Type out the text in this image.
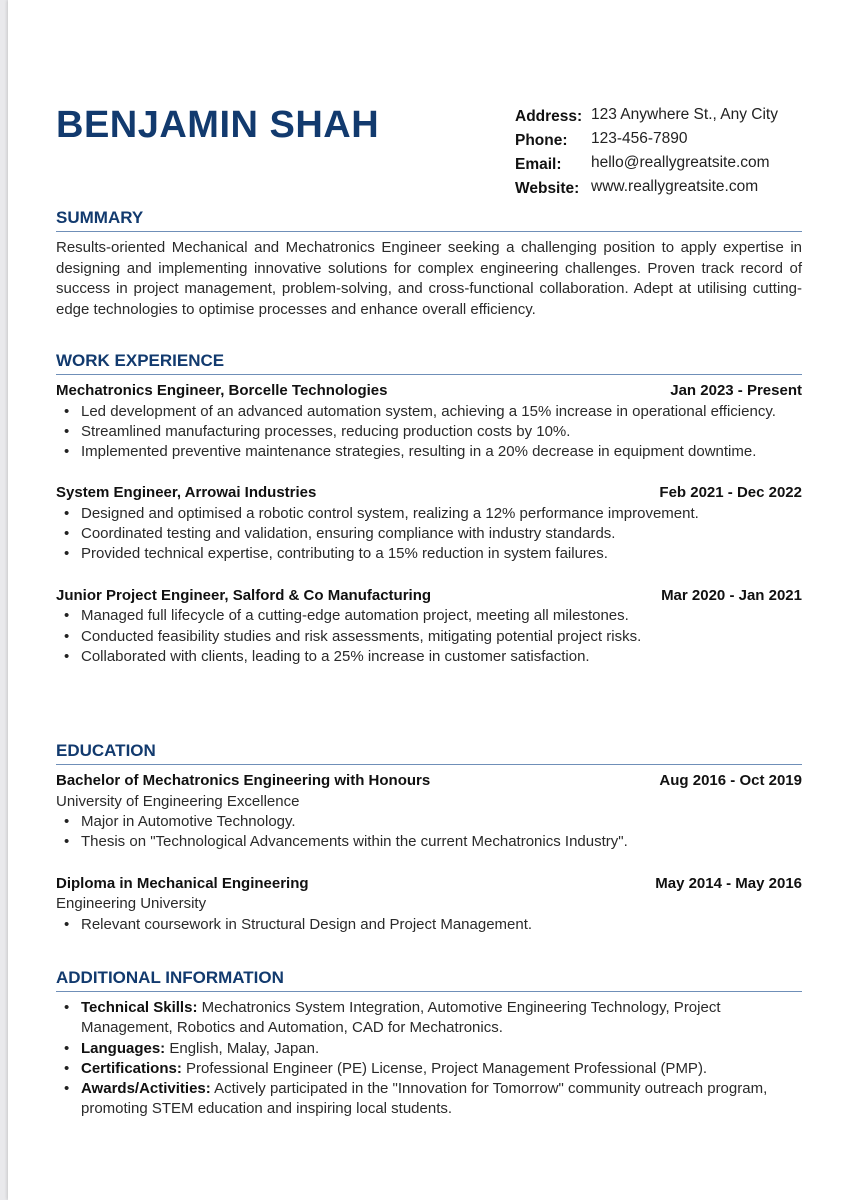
BENJAMIN SHAH	Address: 123 Anywhere St., Any City
Phone:	123-456-7890
Email:	hello@reallygreatsite.com
Website: www.reallygreatsite.com
SUMMARY

Results-oriented Mechanical and Mechatronics Engineer seeking a challenging position to apply expertise in designing and implementing innovative solutions for complex engineering challenges. Proven track record of success in project management, problem-solving, and cross-functional collaboration. Adept at utilising cutting-edge technologies to optimise processes and enhance overall efficiency.

WORK EXPERIENCE
Mechatronics Engineer, Borcelle Technologies	Jan 2023 - Present
• Led development of an advanced automation system, achieving a 15% increase in operational efficiency.
• Streamlined manufacturing processes, reducing production costs by 10%.
• Implemented preventive maintenance strategies, resulting in a 20% decrease in equipment downtime.
System Engineer, Arrowai Industries	Feb 2021 - Dec 2022
• Designed and optimised a robotic control system, realizing a 12% performance improvement.
• Coordinated testing and validation, ensuring compliance with industry standards.
• Provided technical expertise, contributing to a 15% reduction in system failures.
Junior Project Engineer, Salford & Co Manufacturing	Mar 2020 - Jan 2021
• Managed full lifecycle of a cutting-edge automation project, meeting all milestones.
• Conducted feasibility studies and risk assessments, mitigating potential project risks.
• Collaborated with clients, leading to a 25% increase in customer satisfaction.
EDUCATION
Bachelor of Mechatronics Engineering with Honours	Aug 2016 - Oct 2019
University of Engineering Excellence
• Major in Automotive Technology.
• Thesis on "Technological Advancements within the current Mechatronics Industry".
Diploma in Mechanical Engineering	May 2014 - May 2016
Engineering University
• Relevant coursework in Structural Design and Project Management.
ADDITIONAL INFORMATION
• Technical Skills: Mechatronics System Integration, Automotive Engineering Technology, Project Management, Robotics and Automation, CAD for Mechatronics.
• Languages: English, Malay, Japan.
• Certifications: Professional Engineer (PE) License, Project Management Professional (PMP).
• Awards/Activities: Actively participated in the "Innovation for Tomorrow" community outreach program, promoting STEM education and inspiring local students.
